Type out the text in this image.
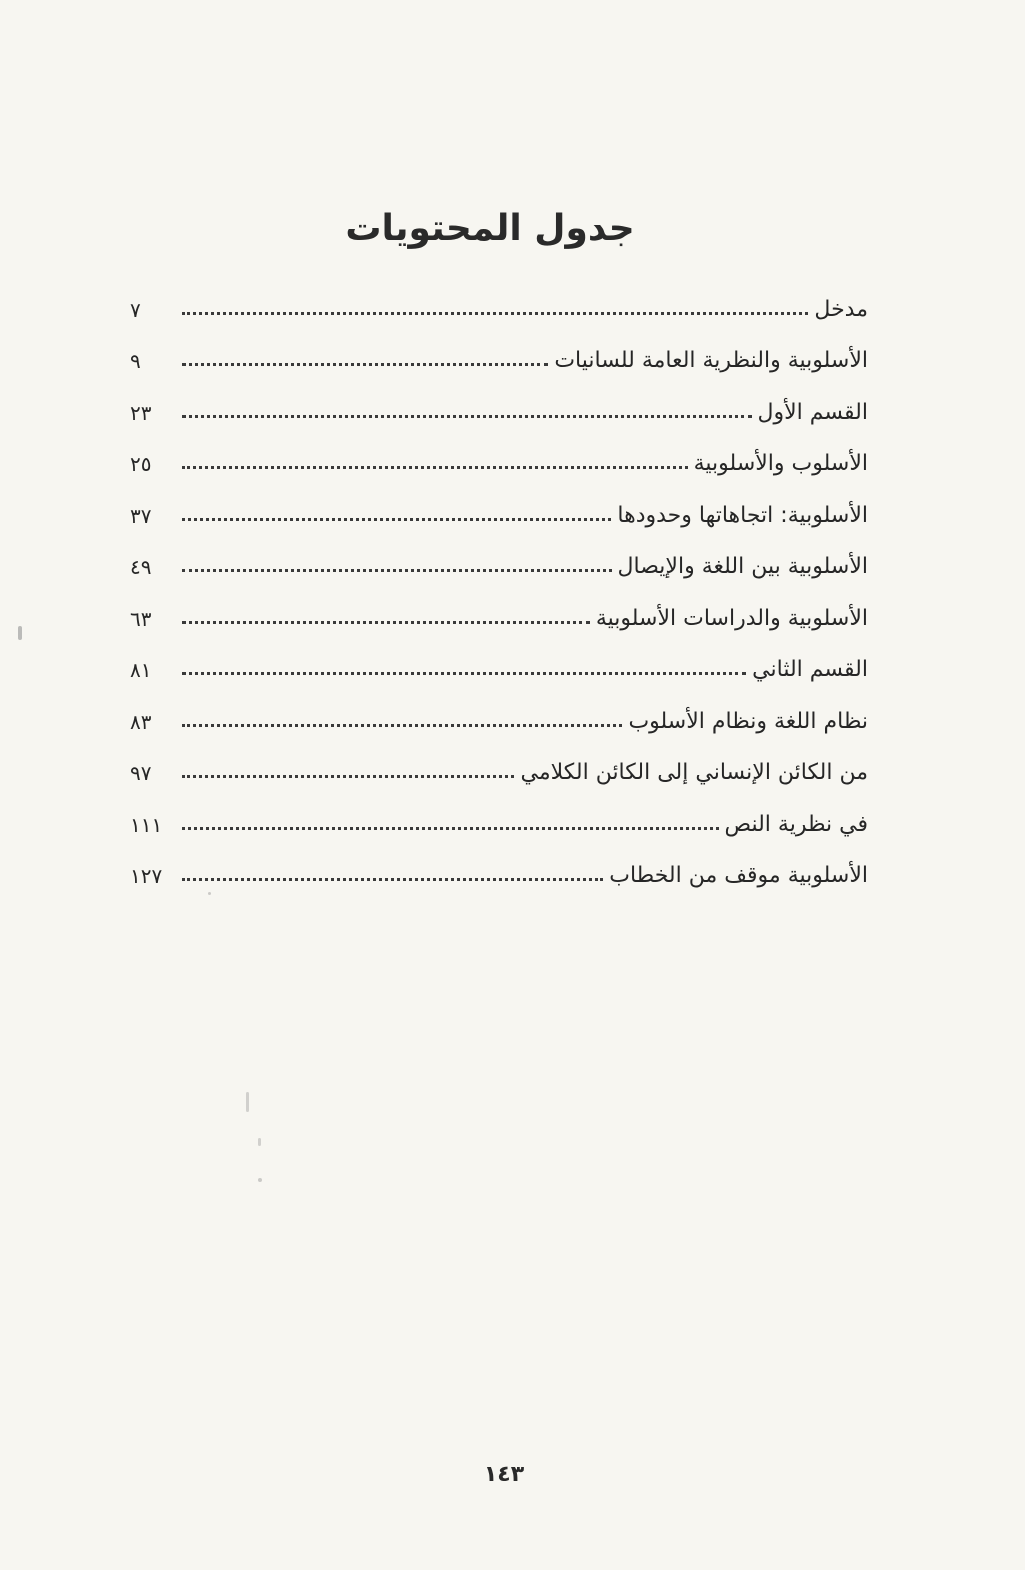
جدول المحتويات
مدخل
٧
الأسلوبية والنظرية العامة للسانيات
٩
القسم الأول
٢٣
الأسلوب والأسلوبية
٢٥
الأسلوبية: اتجاهاتها وحدودها
٣٧
الأسلوبية بين اللغة والإيصال
٤٩
الأسلوبية والدراسات الأسلوبية
٦٣
القسم الثاني
٨١
نظام اللغة ونظام الأسلوب
٨٣
من الكائن الإنساني إلى الكائن الكلامي
٩٧
في نظرية النص
١١١
الأسلوبية موقف من الخطاب
١٢٧
١٤٣
